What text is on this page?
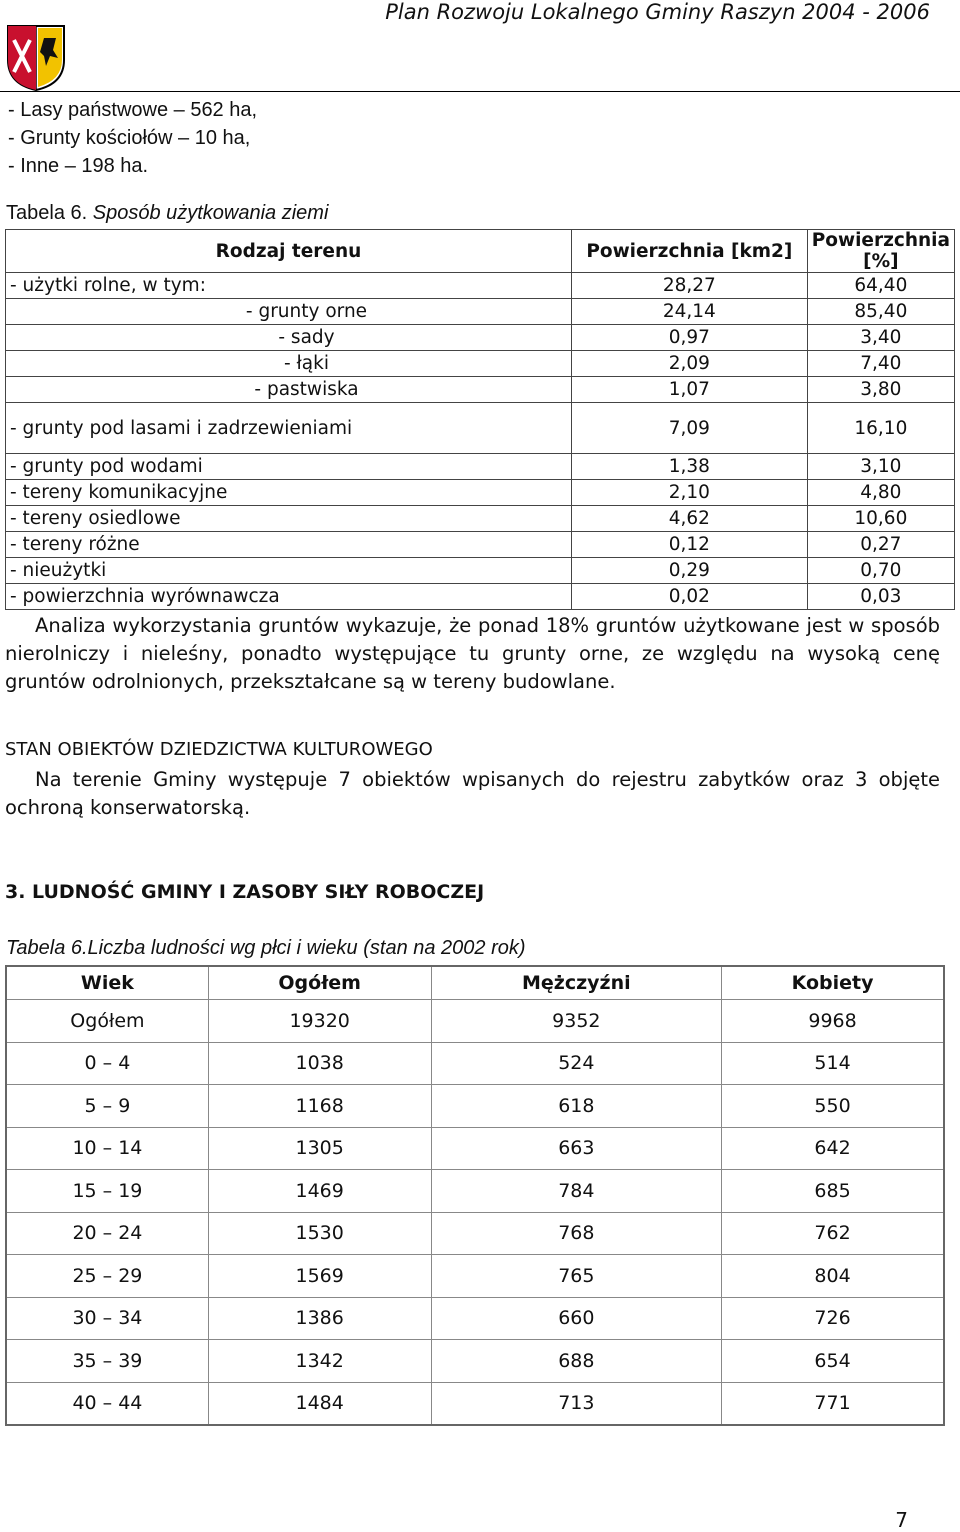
Plan Rozwoju Lokalnego Gminy Raszyn 2004 - 2006
- Lasy państwowe – 562 ha,
- Grunty kościołów – 10 ha,
- Inne – 198 ha.
Tabela 6. Sposób użytkowania ziemi
Rodzaj terenu	Powierzchnia [km2]	Powierzchnia [%]
- użytki rolne, w tym:	28,27	64,40
- grunty orne	24,14	85,40
- sady	0,97	3,40
- łąki	2,09	7,40
- pastwiska	1,07	3,80
- grunty pod lasami i zadrzewieniami	7,09	16,10
- grunty pod wodami	1,38	3,10
- tereny komunikacyjne	2,10	4,80
- tereny osiedlowe	4,62	10,60
- tereny różne	0,12	0,27
- nieużytki	0,29	0,70
- powierzchnia wyrównawcza	0,02	0,03
Analiza wykorzystania gruntów wykazuje, że ponad 18% gruntów użytkowane jest w sposób nierolniczy i nieleśny, ponadto występujące tu grunty orne, ze względu na wysoką cenę gruntów odrolnionych, przekształcane są w tereny budowlane.
STAN OBIEKTÓW DZIEDZICTWA KULTUROWEGO
Na terenie Gminy występuje 7 obiektów wpisanych do rejestru zabytków oraz 3 objęte ochroną konserwatorską.
3. LUDNOŚĆ GMINY I ZASOBY SIŁY ROBOCZEJ
Tabela 6.Liczba ludności wg płci i wieku (stan na 2002 rok)
Wiek	Ogółem	Mężczyźni	Kobiety
Ogółem	19320	9352	9968
0 – 4	1038	524	514
5 – 9	1168	618	550
10 – 14	1305	663	642
15 – 19	1469	784	685
20 – 24	1530	768	762
25 – 29	1569	765	804
30 – 34	1386	660	726
35 – 39	1342	688	654
40 – 44	1484	713	771
7
